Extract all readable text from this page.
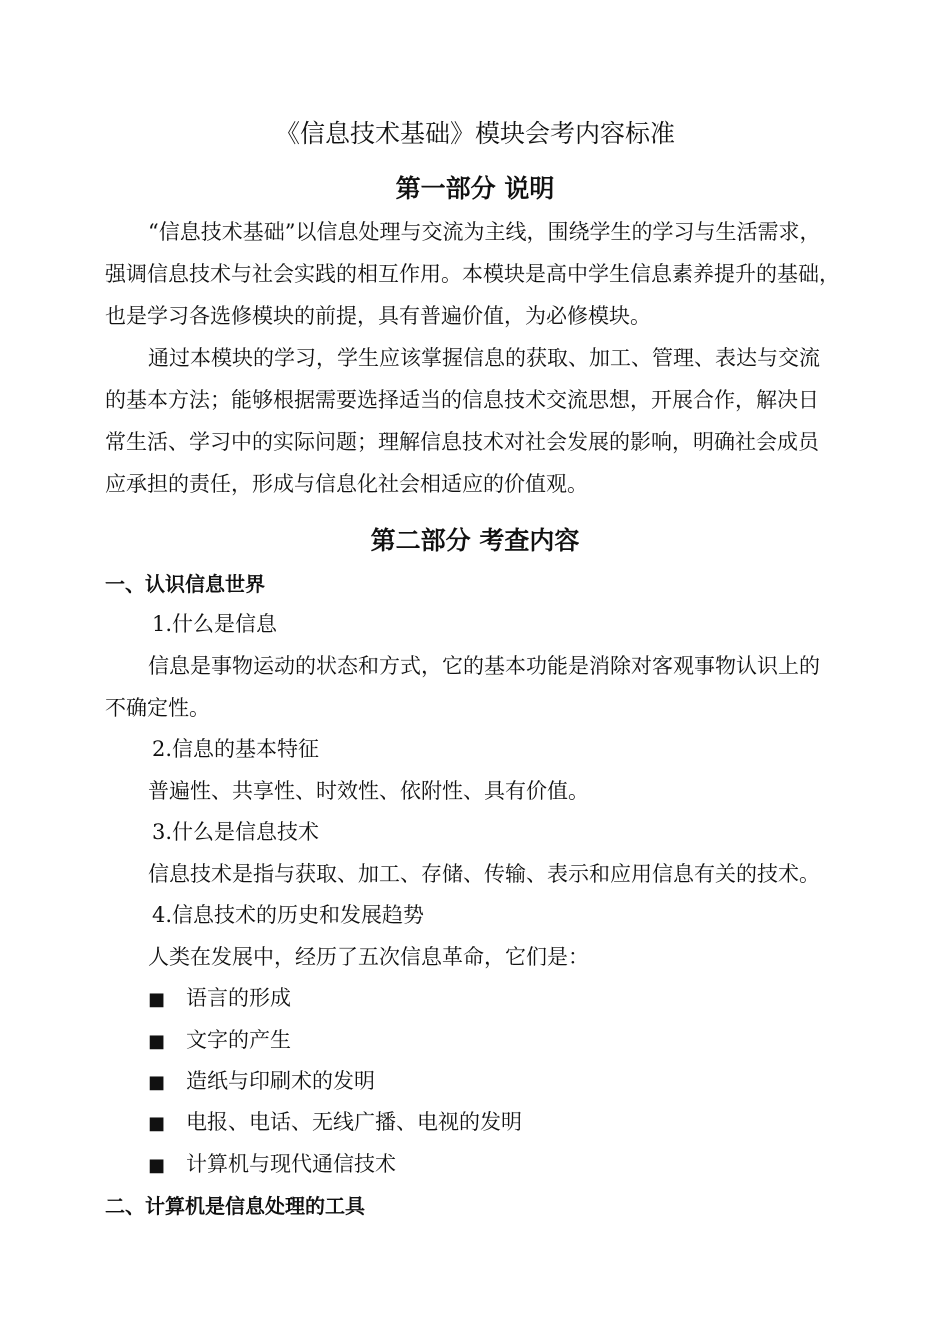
《信息技术基础》模块会考内容标准
第一部分 说明
“信息技术基础”以信息处理与交流为主线，围绕学生的学习与生活需求，
强调信息技术与社会实践的相互作用。本模块是高中学生信息素养提升的基础，
也是学习各选修模块的前提，具有普遍价值，为必修模块。
通过本模块的学习，学生应该掌握信息的获取、加工、管理、表达与交流
的基本方法；能够根据需要选择适当的信息技术交流思想，开展合作，解决日
常生活、学习中的实际问题；理解信息技术对社会发展的影响，明确社会成员
应承担的责任，形成与信息化社会相适应的价值观。
第二部分 考查内容
一、认识信息世界
1.什么是信息
信息是事物运动的状态和方式，它的基本功能是消除对客观事物认识上的
不确定性。
2.信息的基本特征
普遍性、共享性、时效性、依附性、具有价值。
3.什么是信息技术
信息技术是指与获取、加工、存储、传输、表示和应用信息有关的技术。
4.信息技术的历史和发展趋势
人类在发展中，经历了五次信息革命，它们是：
■ 语言的形成
■ 文字的产生
■ 造纸与印刷术的发明
■ 电报、电话、无线广播、电视的发明
■ 计算机与现代通信技术
二、计算机是信息处理的工具
